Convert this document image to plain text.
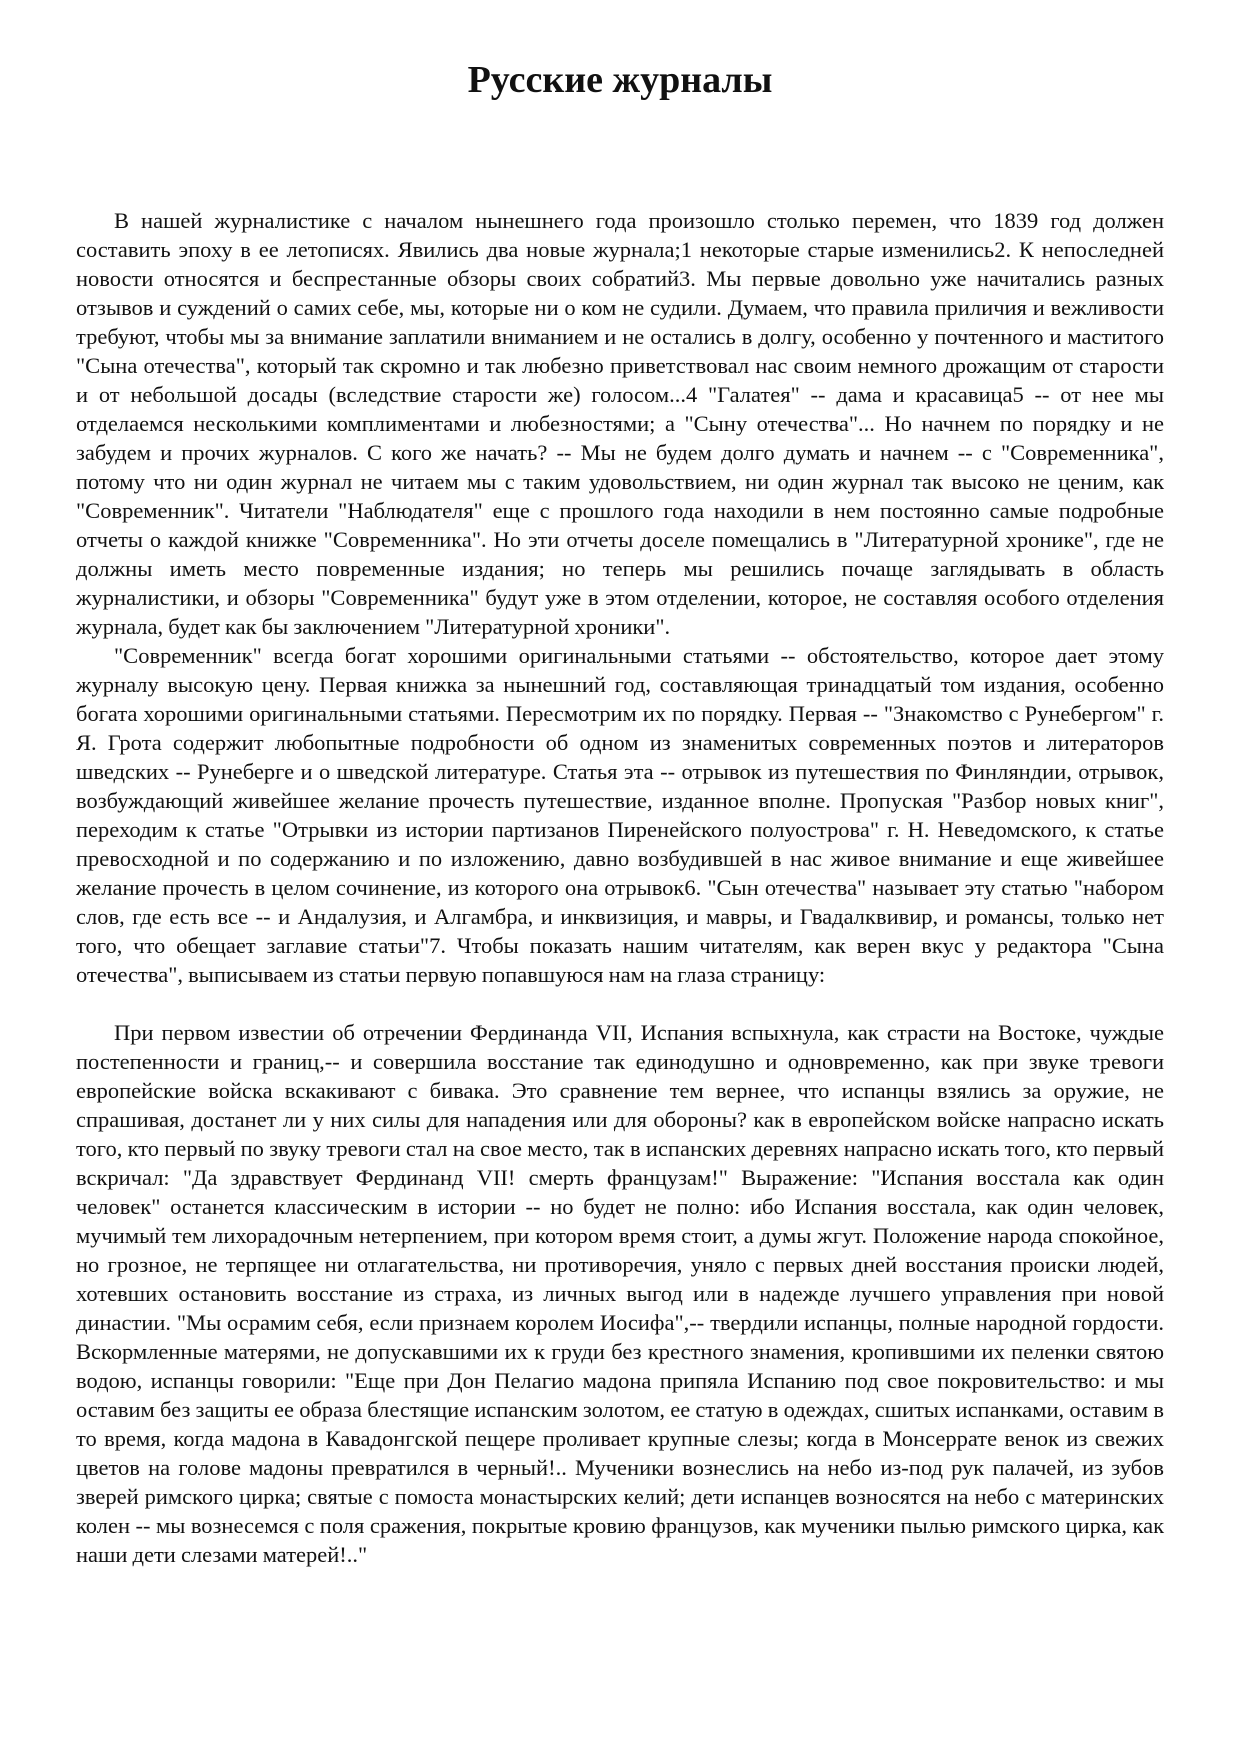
Русские журналы

В нашей журналистике с началом нынешнего года произошло столько перемен, что 1839 год должен составить эпоху в ее летописях. Явились два новые журнала;1 некоторые старые изменились2. К непоследней новости относятся и беспрестанные обзоры своих собратий3. Мы первые довольно уже начитались разных отзывов и суждений о самих себе, мы, которые ни о ком не судили. Думаем, что правила приличия и вежливости требуют, чтобы мы за внимание заплатили вниманием и не остались в долгу, особенно у почтенного и маститого "Сына отечества", который так скромно и так любезно приветствовал нас своим немного дрожащим от старости и от небольшой досады (вследствие старости же) голосом...4 "Галатея" -- дама и красавица5 -- от нее мы отделаемся несколькими комплиментами и любезностями; а "Сыну отечества"... Но начнем по порядку и не забудем и прочих журналов. С кого же начать? -- Мы не будем долго думать и начнем -- с "Современника", потому что ни один журнал не читаем мы с таким удовольствием, ни один журнал так высоко не ценим, как "Современник". Читатели "Наблюдателя" еще с прошлого года находили в нем постоянно самые подробные отчеты о каждой книжке "Современника". Но эти отчеты доселе помещались в "Литературной хронике", где не должны иметь место повременные издания; но теперь мы решились почаще заглядывать в область журналистики, и обзоры "Современника" будут уже в этом отделении, которое, не составляя особого отделения журнала, будет как бы заключением "Литературной хроники".

"Современник" всегда богат хорошими оригинальными статьями -- обстоятельство, которое дает этому журналу высокую цену. Первая книжка за нынешний год, составляющая тринадцатый том издания, особенно богата хорошими оригинальными статьями. Пересмотрим их по порядку. Первая -- "Знакомство с Рунебергом" г. Я. Грота содержит любопытные подробности об одном из знаменитых современных поэтов и литераторов шведских -- Рунеберге и о шведской литературе. Статья эта -- отрывок из путешествия по Финляндии, отрывок, возбуждающий живейшее желание прочесть путешествие, изданное вполне. Пропуская "Разбор новых книг", переходим к статье "Отрывки из истории партизанов Пиренейского полуострова" г. Н. Неведомского, к статье превосходной и по содержанию и по изложению, давно возбудившей в нас живое внимание и еще живейшее желание прочесть в целом сочинение, из которого она отрывок6. "Сын отечества" называет эту статью "набором слов, где есть все -- и Андалузия, и Алгамбра, и инквизиция, и мавры, и Гвадалквивир, и романсы, только нет того, что обещает заглавие статьи"7. Чтобы показать нашим читателям, как верен вкус у редактора "Сына отечества", выписываем из статьи первую попавшуюся нам на глаза страницу:

При первом известии об отречении Фердинанда VII, Испания вспыхнула, как страсти на Востоке, чуждые постепенности и границ,-- и совершила восстание так единодушно и одновременно, как при звуке тревоги европейские войска вскакивают с бивака. Это сравнение тем вернее, что испанцы взялись за оружие, не спрашивая, достанет ли у них силы для нападения или для обороны? как в европейском войске напрасно искать того, кто первый по звуку тревоги стал на свое место, так в испанских деревнях напрасно искать того, кто первый вскричал: "Да здравствует Фердинанд VII! смерть французам!" Выражение: "Испания восстала как один человек" останется классическим в истории -- но будет не полно: ибо Испания восстала, как один человек, мучимый тем лихорадочным нетерпением, при котором время стоит, а думы жгут. Положение народа спокойное, но грозное, не терпящее ни отлагательства, ни противоречия, уняло с первых дней восстания происки людей, хотевших остановить восстание из страха, из личных выгод или в надежде лучшего управления при новой династии. "Мы осрамим себя, если признаем королем Иосифа",-- твердили испанцы, полные народной гордости. Вскормленные матерями, не допускавшими их к груди без крестного знамения, кропившими их пеленки святою водою, испанцы говорили: "Еще при Дон Пелагио мадона припяла Испанию под свое покровительство: и мы оставим без защиты ее образа блестящие испанским золотом, ее статую в одеждах, сшитых испанками, оставим в то время, когда мадона в Кавадонгской пещере проливает крупные слезы; когда в Монсеррате венок из свежих цветов на голове мадоны превратился в черный!.. Мученики вознеслись на небо из-под рук палачей, из зубов зверей римского цирка; святые с помоста монастырских келий; дети испанцев возносятся на небо с материнских колен -- мы вознесемся с поля сражения, покрытые кровию французов, как мученики пылью римского цирка, как наши дети слезами матерей!.."
